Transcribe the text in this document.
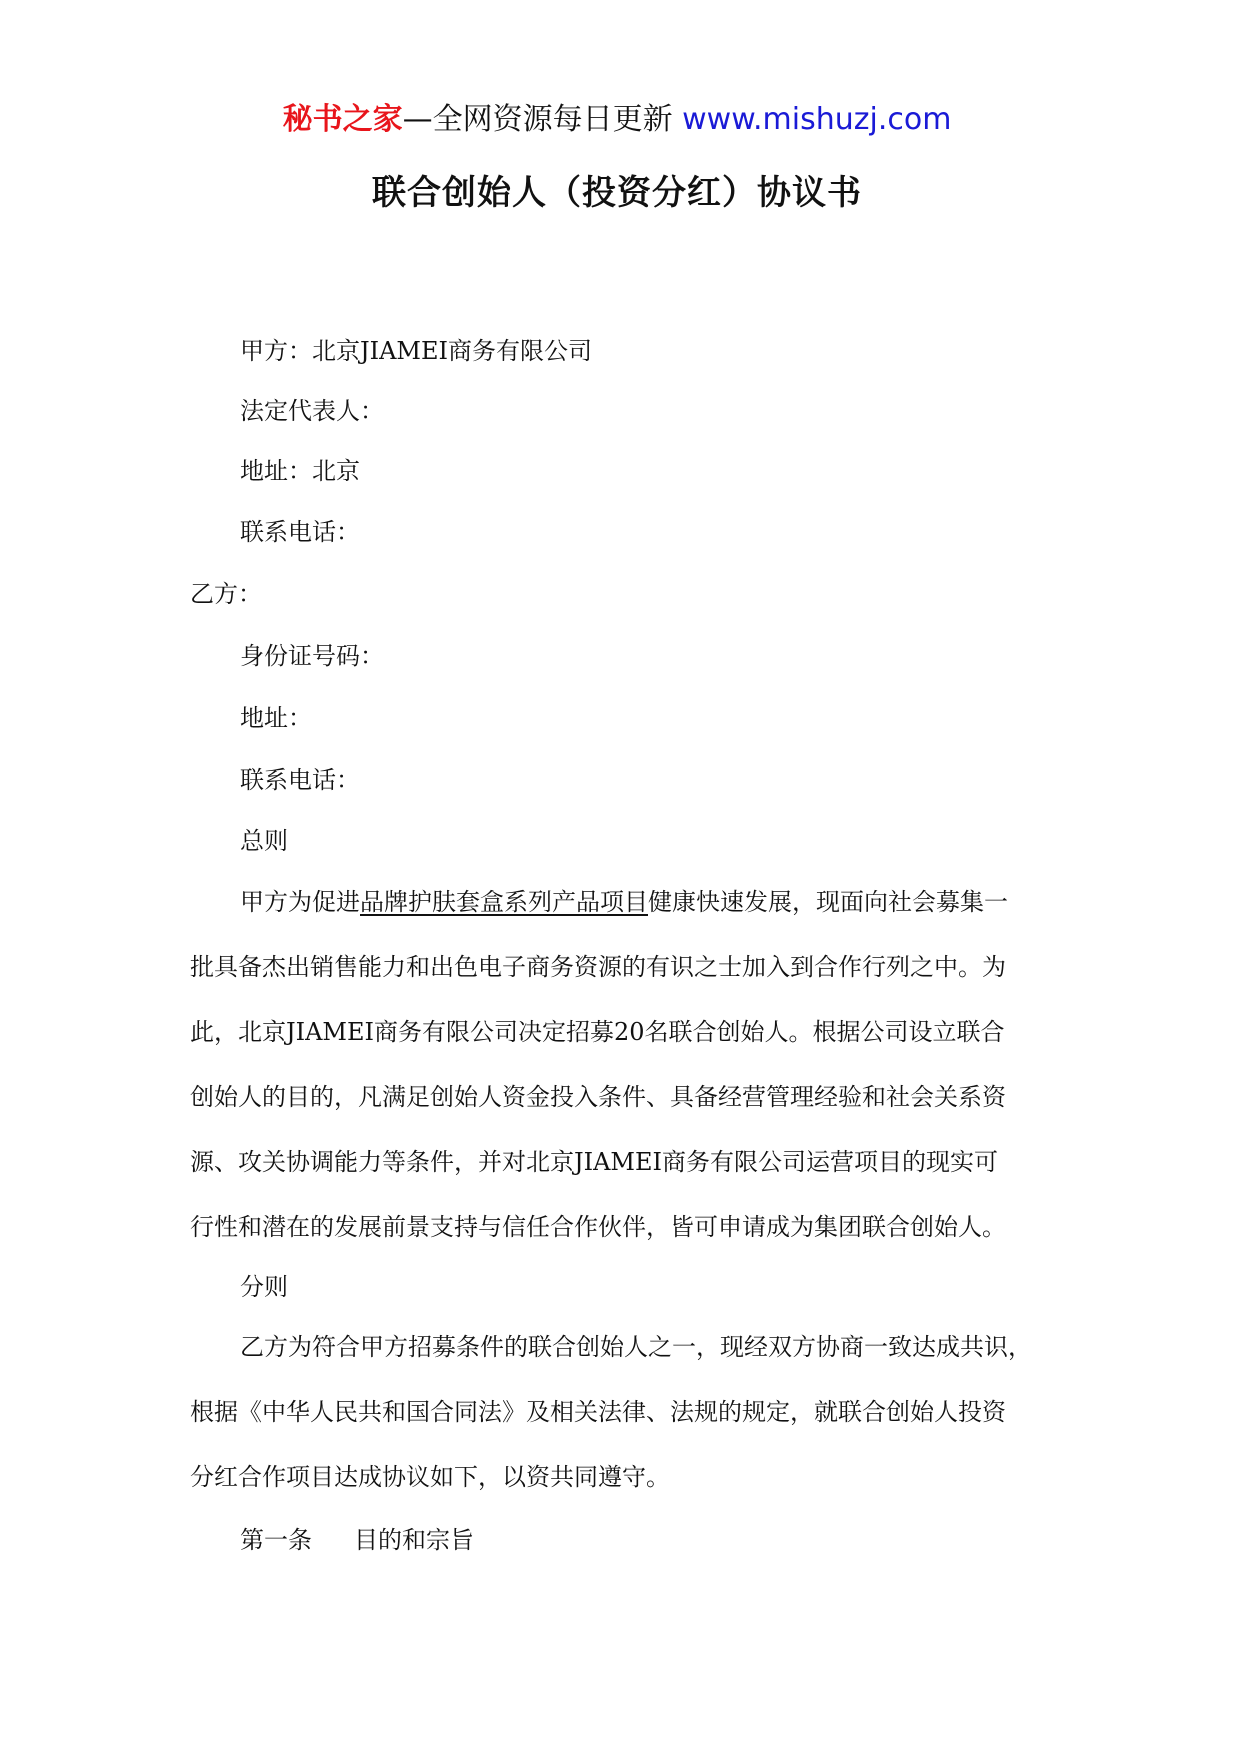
秘书之家—全网资源每日更新 www.mishuzj.com
联合创始人（投资分红）协议书
甲方：北京JIAMEI商务有限公司
法定代表人：
地址：北京
联系电话：
乙方：
身份证号码：
地址：
联系电话：
总则
甲方为促进品牌护肤套盒系列产品项目健康快速发展，现面向社会募集一
批具备杰出销售能力和出色电子商务资源的有识之士加入到合作行列之中。为
此，北京JIAMEI商务有限公司决定招募20名联合创始人。根据公司设立联合
创始人的目的，凡满足创始人资金投入条件、具备经营管理经验和社会关系资
源、攻关协调能力等条件，并对北京JIAMEI商务有限公司运营项目的现实可
行性和潜在的发展前景支持与信任合作伙伴，皆可申请成为集团联合创始人。
分则
乙方为符合甲方招募条件的联合创始人之一，现经双方协商一致达成共识，
根据《中华人民共和国合同法》及相关法律、法规的规定，就联合创始人投资
分红合作项目达成协议如下，以资共同遵守。
第一条 目的和宗旨
